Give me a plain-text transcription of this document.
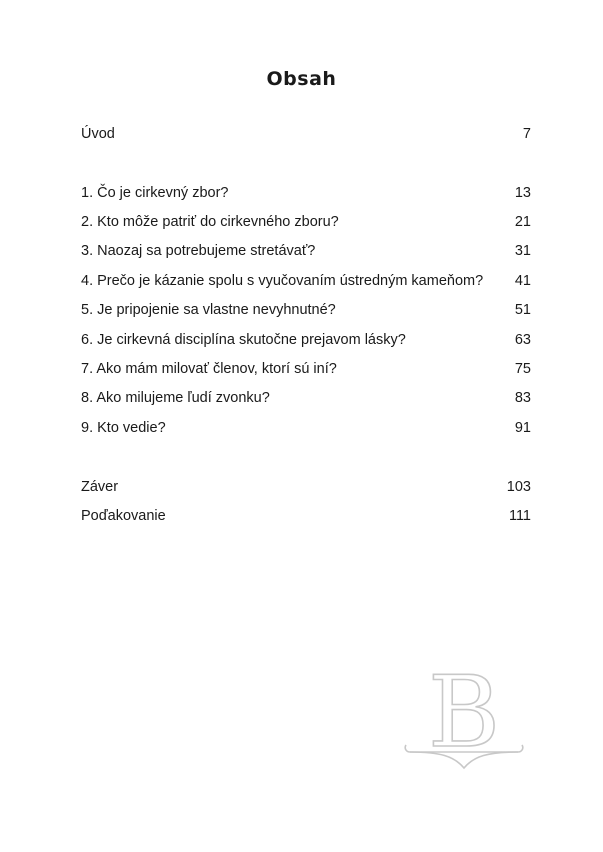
Obsah
Úvod	7
1. Čo je cirkevný zbor?	13
2. Kto môže patriť do cirkevného zboru?	21
3. Naozaj sa potrebujeme stretávať?	31
4. Prečo je kázanie spolu s vyučovaním ústredným kameňom?	41
5. Je pripojenie sa vlastne nevyhnutné?	51
6. Je cirkevná disciplína skutočne prejavom lásky?	63
7. Ako mám milovať členov, ktorí sú iní?	75
8. Ako milujeme ľudí zvonku?	83
9. Kto vedie?	91
Záver	103
Poďakovanie	111
B
